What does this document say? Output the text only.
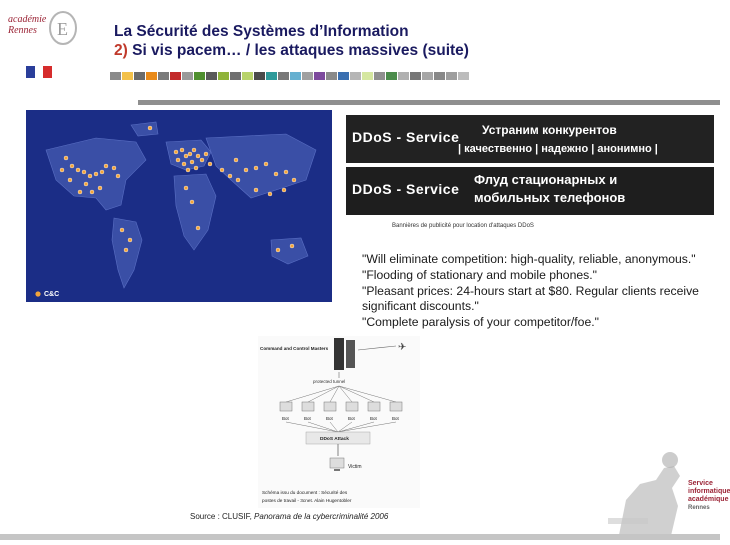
académie
Rennes	E	La Sécurité des Systèmes d’Information
2) Si vis pacem… / les attaques massives (suite)
C&C
DDoS - Service Устраним конкурентов
| качественно | надежно | анонимно |
DDoS - Service
Флуд стационарных и
мобильных телефонов
Bannières de publicité pour location d'attaques DDoS
"Will eliminate competition: high-quality, reliable, anonymous."
"Flooding of stationary and mobile phones."
"Pleasant prices: 24-hours start at $80. Regular clients receive
significant discounts."
"Complete paralysis of your competitor/foe."
Command and Control Masters	✈
protected tunnel
Bot	Bot	Bot	Bot	Bot	Bot
DDoS Attack
Victim
Schéma issu du document : Sécurité des
postes de travail - 3cnet. Alain Hugentobler
Source : CLUSIF, Panorama de la cybercriminalité 2006
Service
informatique
académique
Rennes
